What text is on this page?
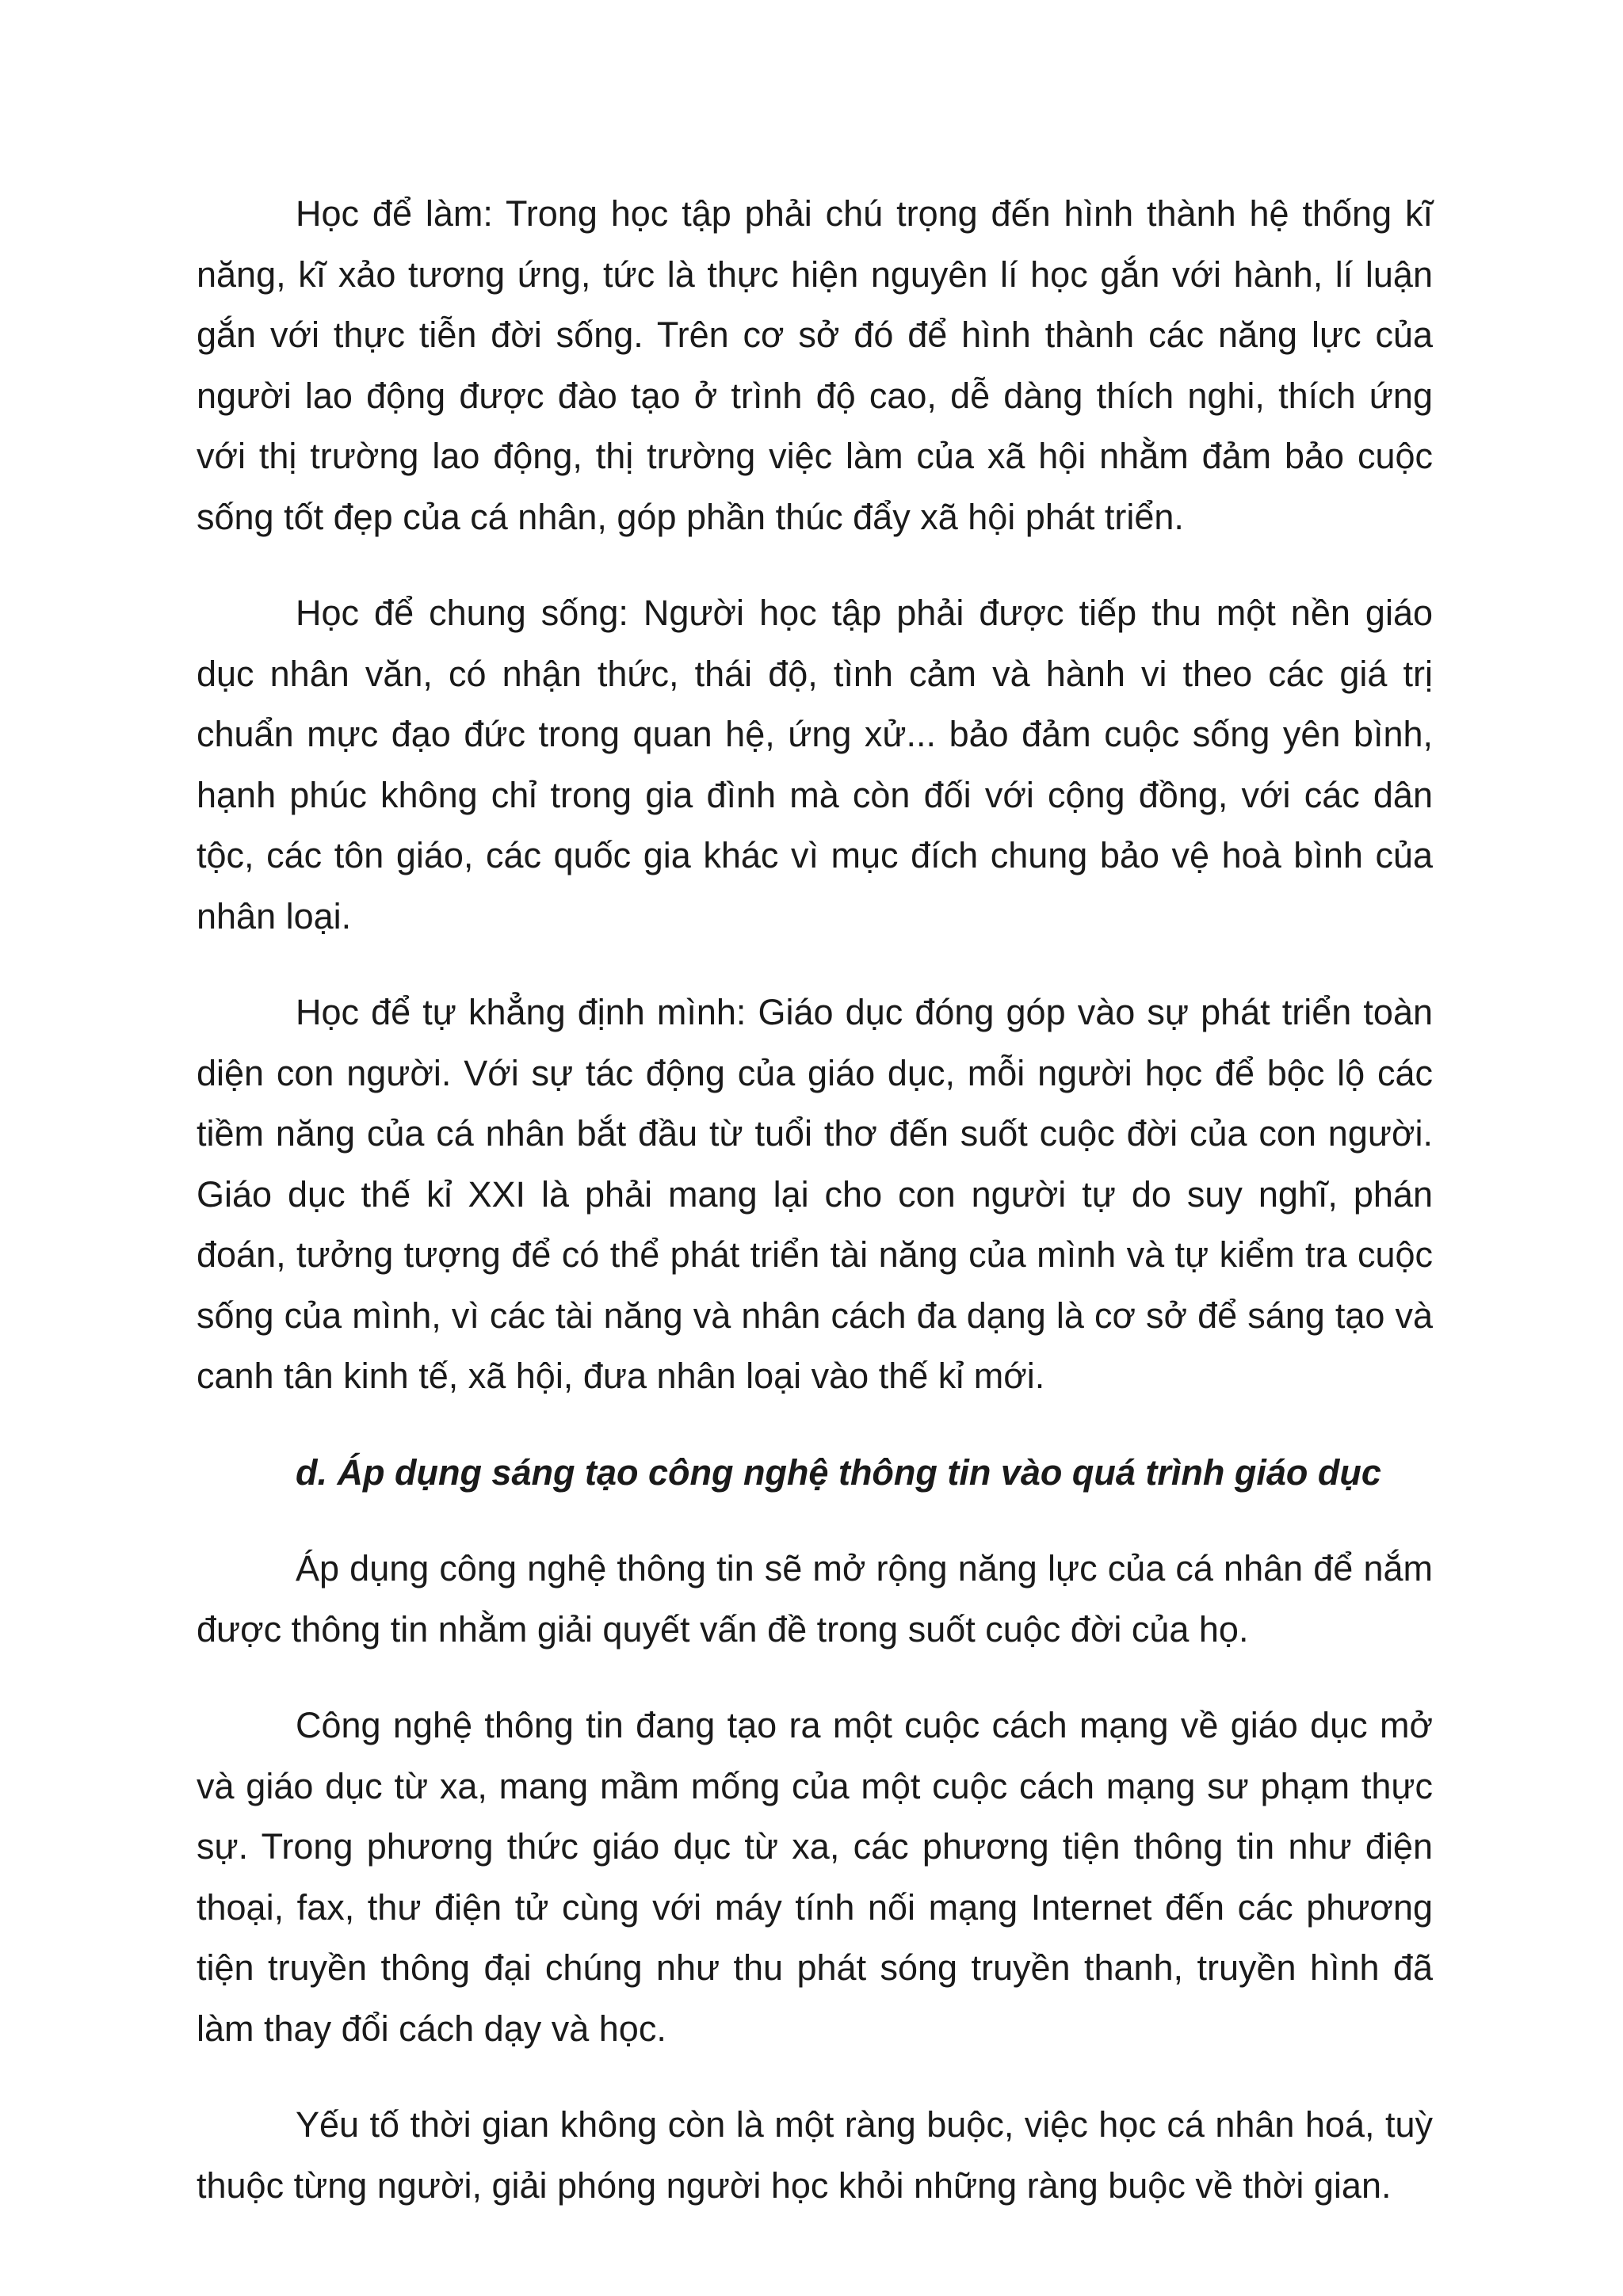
Học để làm: Trong học tập phải chú trọng đến hình thành hệ thống kĩ năng, kĩ xảo tương ứng, tức là thực hiện nguyên lí học gắn với hành, lí luận gắn với thực tiễn đời sống. Trên cơ sở đó để hình thành các năng lực của người lao động được đào tạo ở trình độ cao, dễ dàng thích nghi, thích ứng với thị trường lao động, thị trường việc làm của xã hội nhằm đảm bảo cuộc sống tốt đẹp của cá nhân, góp phần thúc đẩy xã hội phát triển.

Học để chung sống: Người học tập phải được tiếp thu một nền giáo dục nhân văn, có nhận thức, thái độ, tình cảm và hành vi theo các giá trị chuẩn mực đạo đức trong quan hệ, ứng xử... bảo đảm cuộc sống yên bình, hạnh phúc không chỉ trong gia đình mà còn đối với cộng đồng, với các dân tộc, các tôn giáo, các quốc gia khác vì mục đích chung bảo vệ hoà bình của nhân loại.

Học để tự khẳng định mình: Giáo dục đóng góp vào sự phát triển toàn diện con người. Với sự tác động của giáo dục, mỗi người học để bộc lộ các tiềm năng của cá nhân bắt đầu từ tuổi thơ đến suốt cuộc đời của con người. Giáo dục thế kỉ XXI là phải mang lại cho con người tự do suy nghĩ, phán đoán, tưởng tượng để có thể phát triển tài năng của mình và tự kiểm tra cuộc sống của mình, vì các tài năng và nhân cách đa dạng là cơ sở để sáng tạo và canh tân kinh tế, xã hội, đưa nhân loại vào thế kỉ mới.

d. Áp dụng sáng tạo công nghệ thông tin vào quá trình giáo dục

Áp dụng công nghệ thông tin sẽ mở rộng năng lực của cá nhân để nắm được thông tin nhằm giải quyết vấn đề trong suốt cuộc đời của họ.

Công nghệ thông tin đang tạo ra một cuộc cách mạng về giáo dục mở và giáo dục từ xa, mang mầm mống của một cuộc cách mạng sư phạm thực sự. Trong phương thức giáo dục từ xa, các phương tiện thông tin như điện thoại, fax, thư điện tử cùng với máy tính nối mạng Internet đến các phương tiện truyền thông đại chúng như thu phát sóng truyền thanh, truyền hình đã làm thay đổi cách dạy và học.

Yếu tố thời gian không còn là một ràng buộc, việc học cá nhân hoá, tuỳ thuộc từng người, giải phóng người học khỏi những ràng buộc về thời gian.
